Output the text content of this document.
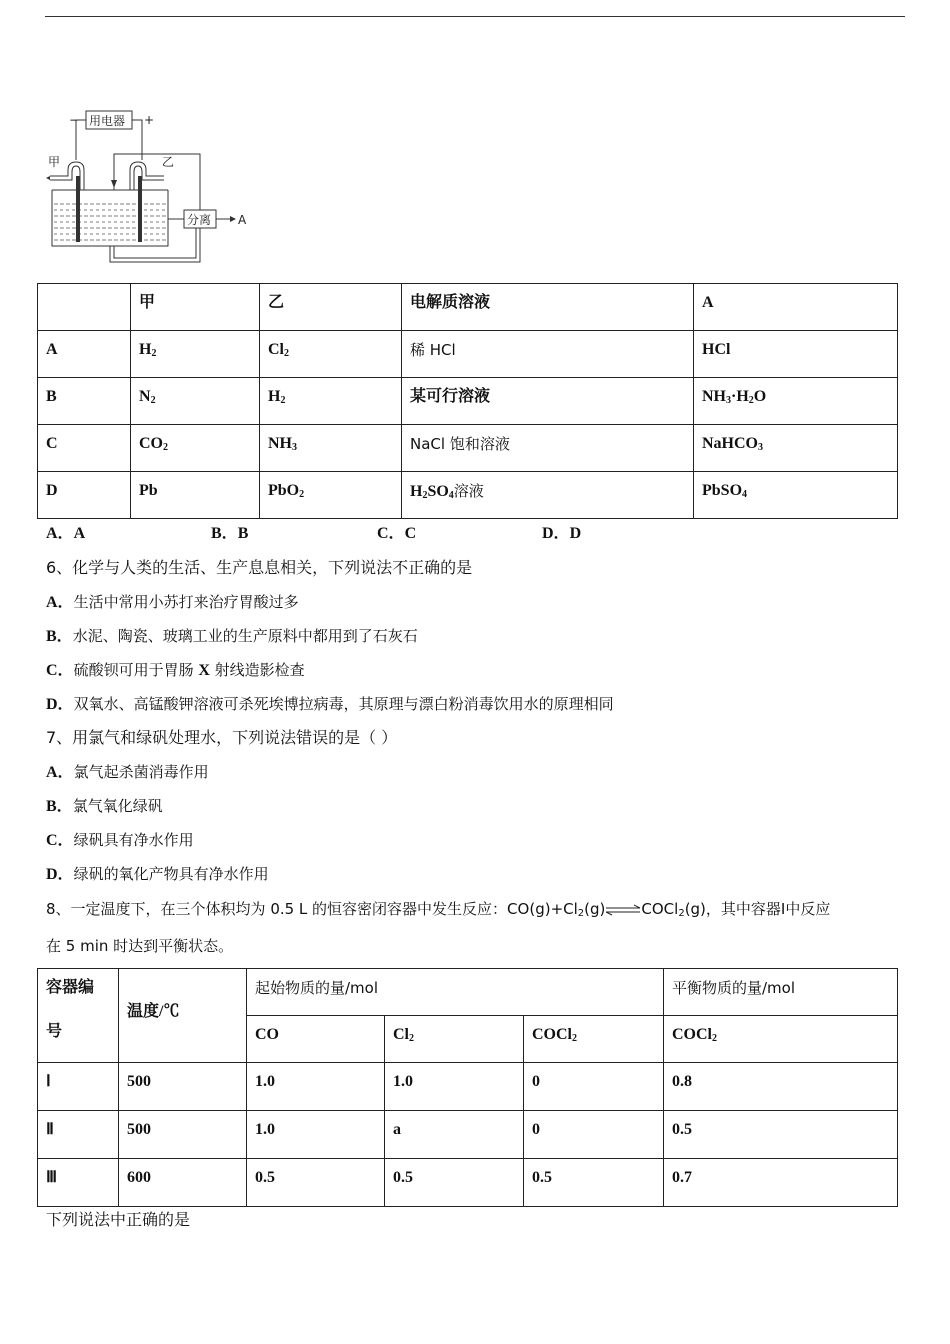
用电器
−	+
甲	乙
分离 A
	甲	乙	电解质溶液	A
A	$H_2$	$Cl_2$	稀 HCl	HCl
B	$N_2$	$H_2$	某可行溶液	$NH_3\cdot H_2O$
C	$CO_2$	$NH_3$	NaCl 饱和溶液	NaHCO$_3$
D	Pb	PbO$_2$	$H_2SO_4$溶液	PbSO$_4$
A．A	B．B	C．C	D．D
6、化学与人类的生活、生产息息相关，下列说法不正确的是
A．生活中常用小苏打来治疗胃酸过多
B．水泥、陶瓷、玻璃工业的生产原料中都用到了石灰石
C．硫酸钡可用于胃肠 X 射线造影检查
D．双氧水、高锰酸钾溶液可杀死埃博拉病毒，其原理与漂白粉消毒饮用水的原理相同
7、用氯气和绿矾处理水，下列说法错误的是（ ）
A．氯气起杀菌消毒作用
B．氯气氧化绿矾
C．绿矾具有净水作用
D．绿矾的氧化产物具有净水作用
8、一定温度下，在三个体积均为 0.5 L 的恒容密闭容器中发生反应：$CO(g)+Cl_2(g)\rightleftharpoons COCl_2(g)$，其中容器Ⅰ中反应
在 5 min 时达到平衡状态。
容器编

号	温度/℃	起始物质的量/mol			平衡物质的量/mol
		CO	$Cl_2$	COCl$_2$	COCl$_2$
Ⅰ	500	1.0	1.0	0	0.8
Ⅱ	500	1.0	a	0	0.5
Ⅲ	600	0.5	0.5	0.5	0.7
下列说法中正确的是
